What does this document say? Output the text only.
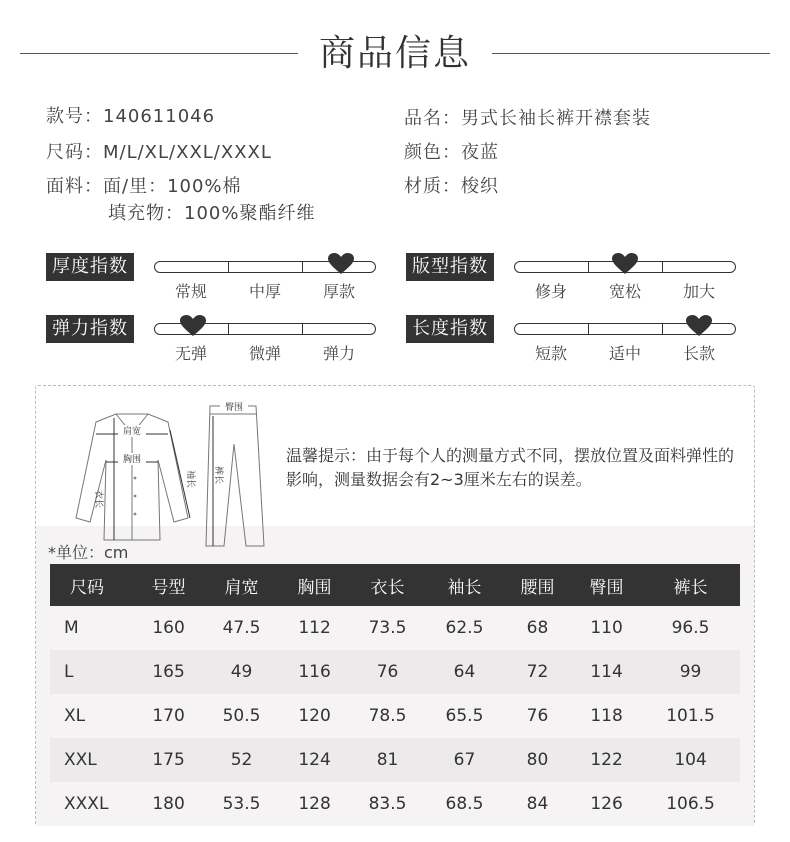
商品信息
款号：140611046	品名：男式长袖长裤开襟套装
尺码：M/L/XL/XXL/XXXL	颜色：夜蓝
面料：面/里：100%棉	材质：梭织
填充物：100%聚酯纤维
厚度指数
常规	中厚	厚款
版型指数
修身	宽松	加大
弹力指数
无弹	微弹	弹力
长度指数
短款	适中	长款
肩宽
胸围
衣长
袖长
臀围
裤长
温馨提示：由于每个人的测量方式不同，摆放位置及面料弹性的影响，测量数据会有2~3厘米左右的误差。
*单位：cm
尺码	号型	肩宽	胸围	衣长	袖长	腰围	臀围	裤长
M	160	47.5	112	73.5	62.5	68	110	96.5
L	165	49	116	76	64	72	114	99
XL	170	50.5	120	78.5	65.5	76	118	101.5
XXL	175	52	124	81	67	80	122	104
XXXL	180	53.5	128	83.5	68.5	84	126	106.5
